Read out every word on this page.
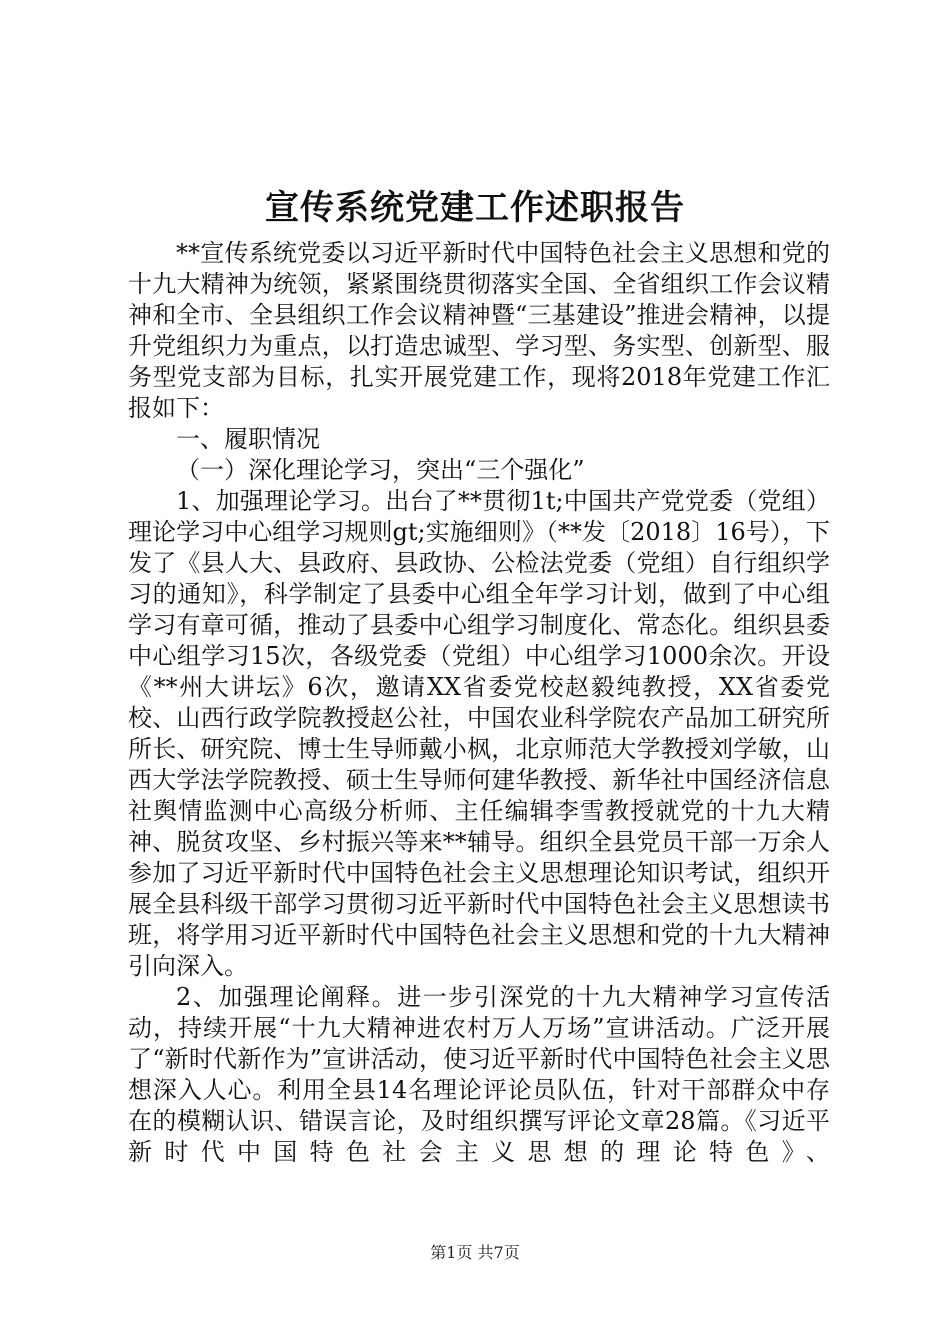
宣传系统党建工作述职报告

**宣传系统党委以习近平新时代中国特色社会主义思想和党的十九大精神为统领，紧紧围绕贯彻落实全国、全省组织工作会议精神和全市、全县组织工作会议精神暨“三基建设”推进会精神，以提升党组织力为重点，以打造忠诚型、学习型、务实型、创新型、服务型党支部为目标，扎实开展党建工作，现将2018年党建工作汇报如下：

一、履职情况

（一）深化理论学习，突出“三个强化”

1、加强理论学习。出台了**贯彻1t;中国共产党党委（党组）理论学习中心组学习规则gt;实施细则》（**发〔2018〕16号），下发了《县人大、县政府、县政协、公检法党委（党组）自行组织学习的通知》，科学制定了县委中心组全年学习计划，做到了中心组学习有章可循，推动了县委中心组学习制度化、常态化。组织县委中心组学习15次，各级党委（党组）中心组学习1000余次。开设《**州大讲坛》6次，邀请XX省委党校赵毅纯教授，XX省委党校、山西行政学院教授赵公社，中国农业科学院农产品加工研究所所长、研究院、博士生导师戴小枫，北京师范大学教授刘学敏，山西大学法学院教授、硕士生导师何建华教授、新华社中国经济信息社舆情监测中心高级分析师、主任编辑李雪教授就党的十九大精神、脱贫攻坚、乡村振兴等来**辅导。组织全县党员干部一万余人参加了习近平新时代中国特色社会主义思想理论知识考试，组织开展全县科级干部学习贯彻习近平新时代中国特色社会主义思想读书班，将学用习近平新时代中国特色社会主义思想和党的十九大精神引向深入。

2、加强理论阐释。进一步引深党的十九大精神学习宣传活动，持续开展“十九大精神进农村万人万场”宣讲活动。广泛开展了“新时代新作为”宣讲活动，使习近平新时代中国特色社会主义思想深入人心。利用全县14名理论评论员队伍，针对干部群众中存在的模糊认识、错误言论，及时组织撰写评论文章28篇。《习近平新时代中国特色社会主义思想的理论特色》、

第1页 共7页
